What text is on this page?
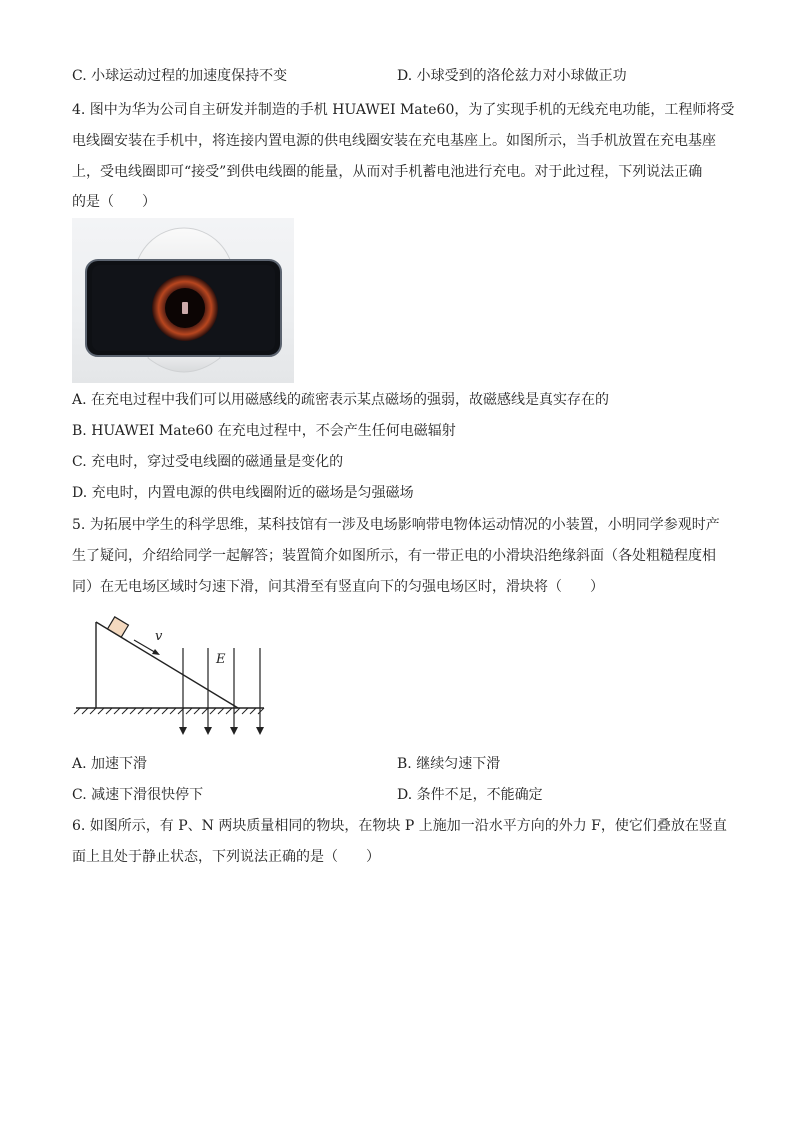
C. 小球运动过程的加速度保持不变	D. 小球受到的洛伦兹力对小球做正功
4. 图中为华为公司自主研发并制造的手机 HUAWEI Mate60，为了实现手机的无线充电功能，工程师将受
电线圈安装在手机中，将连接内置电源的供电线圈安装在充电基座上。如图所示，当手机放置在充电基座
上，受电线圈即可“接受”到供电线圈的能量，从而对手机蓄电池进行充电。对于此过程，下列说法正确
的是（　　）
A. 在充电过程中我们可以用磁感线的疏密表示某点磁场的强弱，故磁感线是真实存在的
B. HUAWEI Mate60 在充电过程中，不会产生任何电磁辐射
C. 充电时，穿过受电线圈的磁通量是变化的
D. 充电时，内置电源的供电线圈附近的磁场是匀强磁场
5. 为拓展中学生的科学思维，某科技馆有一涉及电场影响带电物体运动情况的小装置，小明同学参观时产
生了疑问，介绍给同学一起解答；装置简介如图所示，有一带正电的小滑块沿绝缘斜面（各处粗糙程度相
同）在无电场区域时匀速下滑，问其滑至有竖直向下的匀强电场区时，滑块将（　　）
v
E
A. 加速下滑	B. 继续匀速下滑
C. 减速下滑很快停下	D. 条件不足，不能确定
6. 如图所示，有 P、N 两块质量相同的物块，在物块 P 上施加一沿水平方向的外力 F，使它们叠放在竖直
面上且处于静止状态，下列说法正确的是（　　）
